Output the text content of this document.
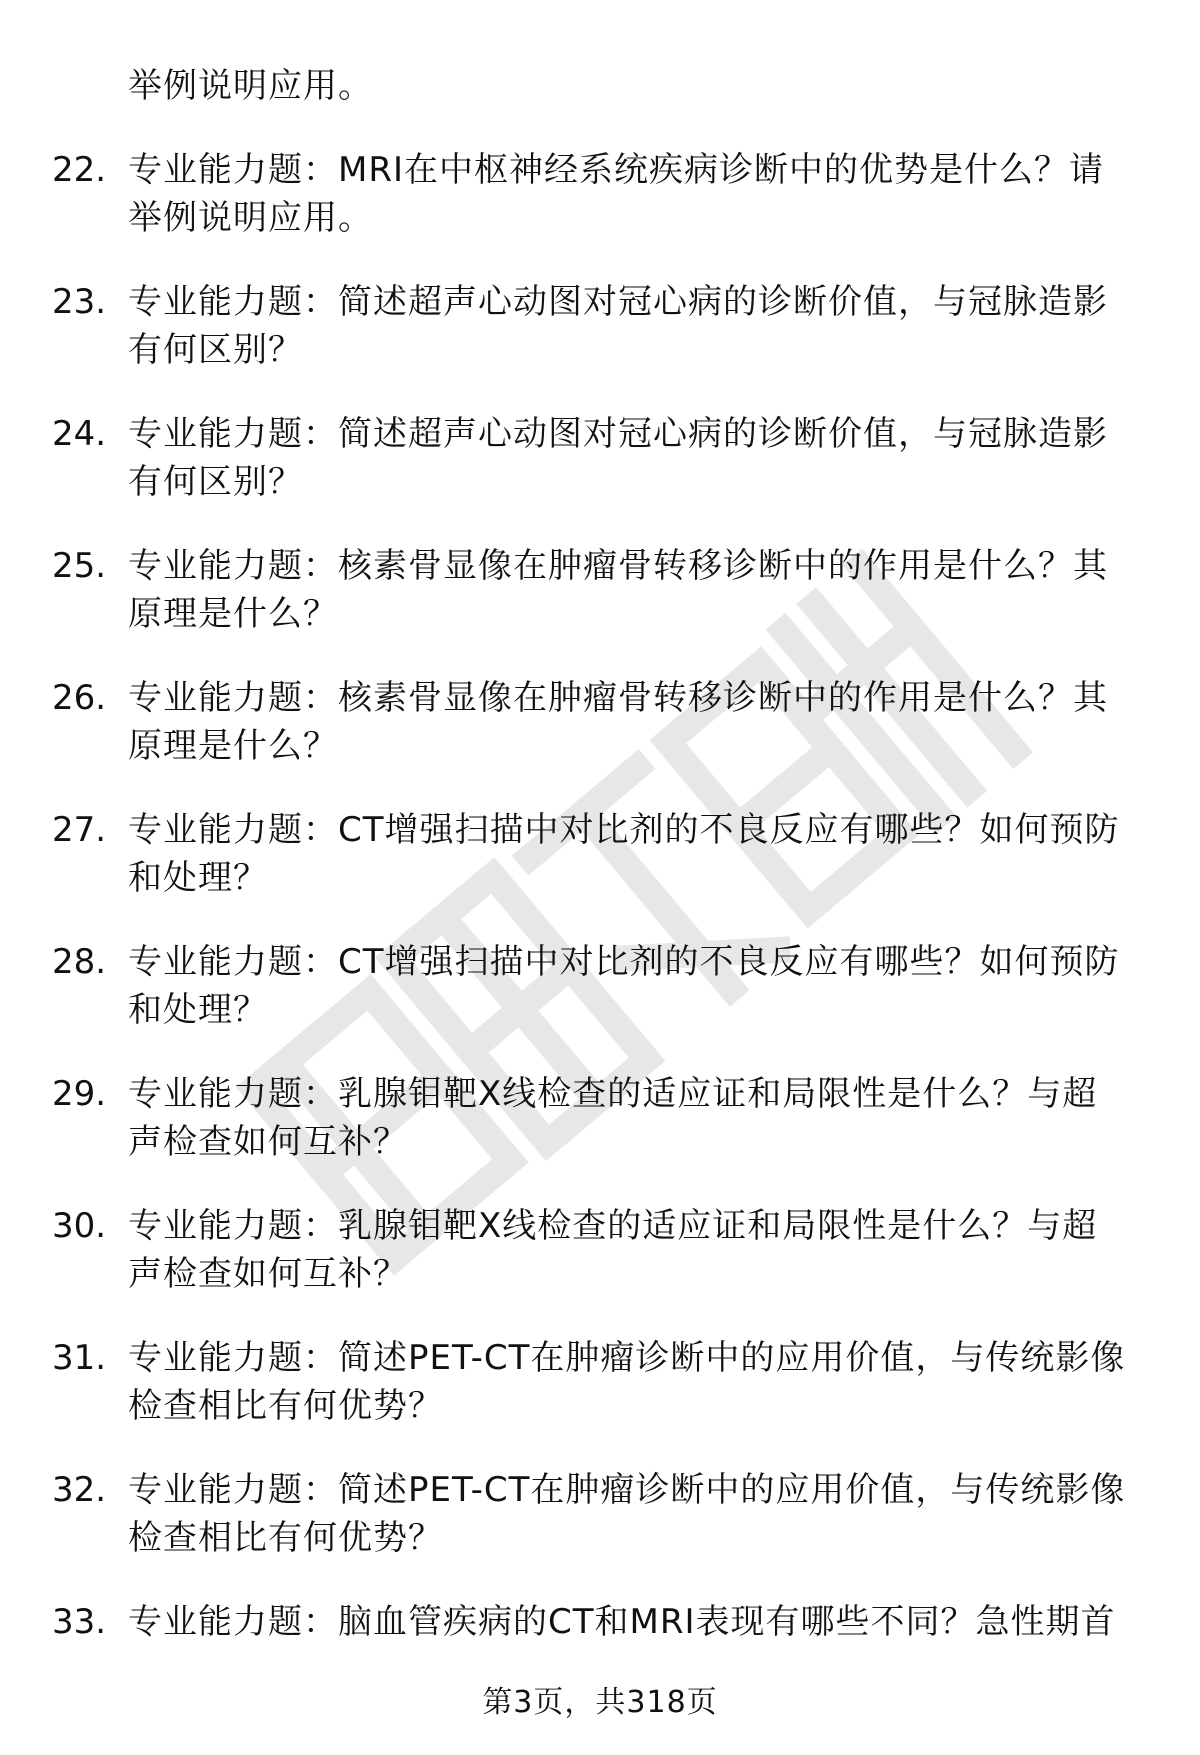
举例说明应用。
22. 专业能力题：MRI在中枢神经系统疾病诊断中的优势是什么？请
举例说明应用。
23. 专业能力题：简述超声心动图对冠心病的诊断价值，与冠脉造影
有何区别？
24. 专业能力题：简述超声心动图对冠心病的诊断价值，与冠脉造影
有何区别？
25. 专业能力题：核素骨显像在肿瘤骨转移诊断中的作用是什么？其
原理是什么？
26. 专业能力题：核素骨显像在肿瘤骨转移诊断中的作用是什么？其
原理是什么？
27. 专业能力题：CT增强扫描中对比剂的不良反应有哪些？如何预防
和处理？
28. 专业能力题：CT增强扫描中对比剂的不良反应有哪些？如何预防
和处理？
29. 专业能力题：乳腺钼靶X线检查的适应证和局限性是什么？与超
声检查如何互补？
30. 专业能力题：乳腺钼靶X线检查的适应证和局限性是什么？与超
声检查如何互补？
31. 专业能力题：简述PET-CT在肿瘤诊断中的应用价值，与传统影像
检查相比有何优势？
32. 专业能力题：简述PET-CT在肿瘤诊断中的应用价值，与传统影像
检查相比有何优势？
33. 专业能力题：脑血管疾病的CT和MRI表现有哪些不同？急性期首
第3页，共318页
